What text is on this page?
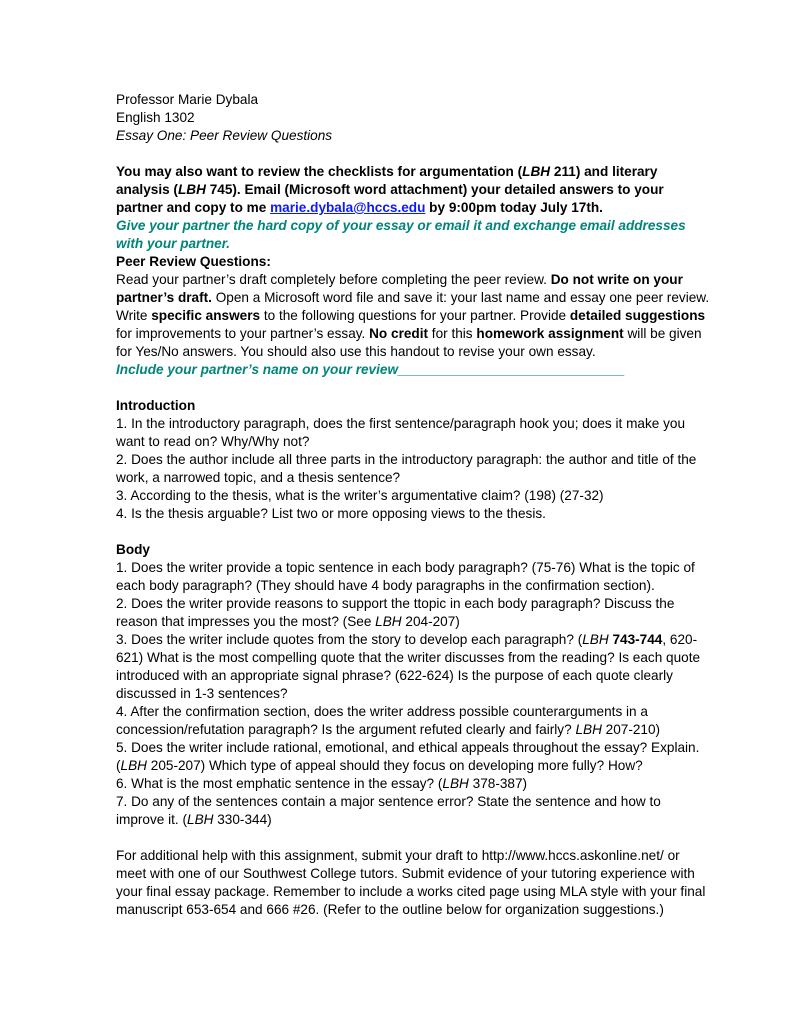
Professor Marie Dybala
English 1302
Essay One: Peer Review Questions
You may also want to review the checklists for argumentation (LBH 211) and literary
analysis (LBH 745). Email (Microsoft word attachment) your detailed answers to your
partner and copy to me marie.dybala@hccs.edu by 9:00pm today July 17th.
Give your partner the hard copy of your essay or email it and exchange email addresses
with your partner.
Peer Review Questions:
Read your partner’s draft completely before completing the peer review. Do not write on your
partner’s draft. Open a Microsoft word file and save it: your last name and essay one peer review.
Write specific answers to the following questions for your partner. Provide detailed suggestions
for improvements to your partner’s essay. No credit for this homework assignment will be given
for Yes/No answers. You should also use this handout to revise your own essay.
Include your partner’s name on your review______________________________
Introduction
1. In the introductory paragraph, does the first sentence/paragraph hook you; does it make you
want to read on? Why/Why not?
2. Does the author include all three parts in the introductory paragraph: the author and title of the
work, a narrowed topic, and a thesis sentence?
3. According to the thesis, what is the writer’s argumentative claim? (198) (27-32)
4. Is the thesis arguable? List two or more opposing views to the thesis.
Body
1. Does the writer provide a topic sentence in each body paragraph? (75-76) What is the topic of
each body paragraph? (They should have 4 body paragraphs in the confirmation section).
2. Does the writer provide reasons to support the ttopic in each body paragraph? Discuss the
reason that impresses you the most? (See LBH 204-207)
3. Does the writer include quotes from the story to develop each paragraph? (LBH 743-744, 620-
621) What is the most compelling quote that the writer discusses from the reading? Is each quote
introduced with an appropriate signal phrase? (622-624) Is the purpose of each quote clearly
discussed in 1-3 sentences?
4. After the confirmation section, does the writer address possible counterarguments in a
concession/refutation paragraph? Is the argument refuted clearly and fairly? LBH 207-210)
5. Does the writer include rational, emotional, and ethical appeals throughout the essay? Explain.
(LBH 205-207) Which type of appeal should they focus on developing more fully? How?
6. What is the most emphatic sentence in the essay? (LBH 378-387)
7. Do any of the sentences contain a major sentence error? State the sentence and how to
improve it. (LBH 330-344)
For additional help with this assignment, submit your draft to http://www.hccs.askonline.net/ or
meet with one of our Southwest College tutors. Submit evidence of your tutoring experience with
your final essay package. Remember to include a works cited page using MLA style with your final
manuscript 653-654 and 666 #26. (Refer to the outline below for organization suggestions.)
